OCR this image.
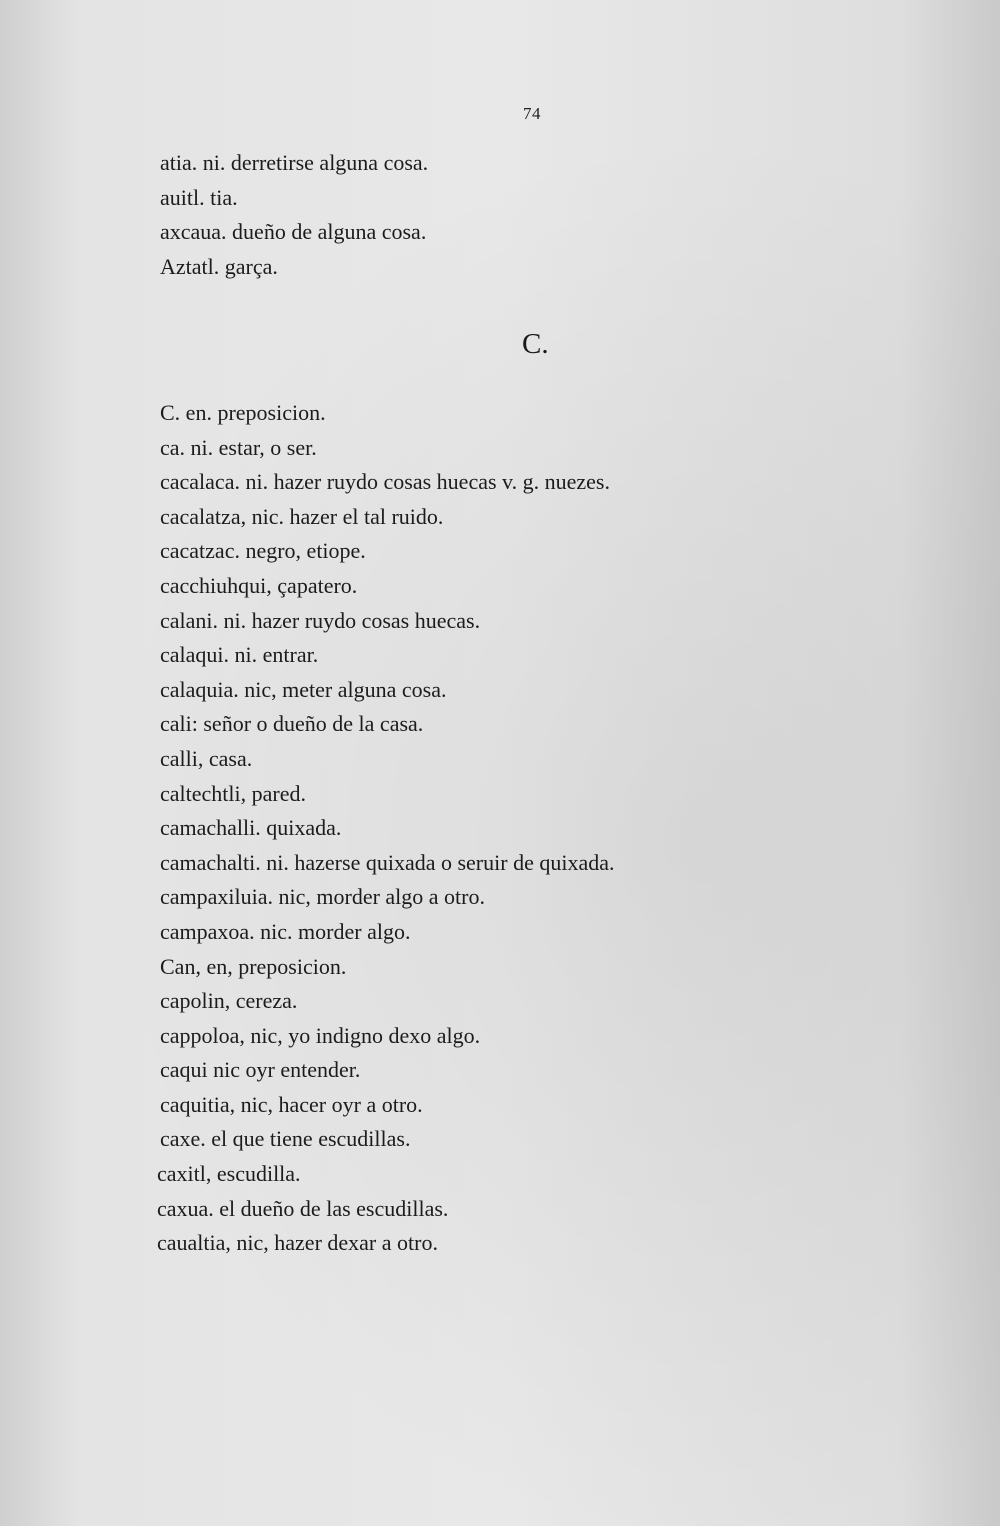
74
atia. ni. derretirse alguna cosa.
auitl. tia.
axcaua. dueño de alguna cosa.
Aztatl. garça.
C.
C. en. preposicion.
ca. ni. estar, o ser.
cacalaca. ni. hazer ruydo cosas huecas v. g. nuezes.
cacalatza, nic. hazer el tal ruido.
cacatzac. negro, etiope.
cacchiuhqui, çapatero.
calani. ni. hazer ruydo cosas huecas.
calaqui. ni. entrar.
calaquia. nic, meter alguna cosa.
cali: señor o dueño de la casa.
calli, casa.
caltechtli, pared.
camachalli. quixada.
camachalti. ni. hazerse quixada o seruir de quixada.
campaxiluia. nic, morder algo a otro.
campaxoa. nic. morder algo.
Can, en, preposicion.
capolin, cereza.
cappoloa, nic, yo indigno dexo algo.
caqui nic oyr entender.
caquitia, nic, hacer oyr a otro.
caxe. el que tiene escudillas.
caxitl, escudilla.
caxua. el dueño de las escudillas.
caualtia, nic, hazer dexar a otro.
